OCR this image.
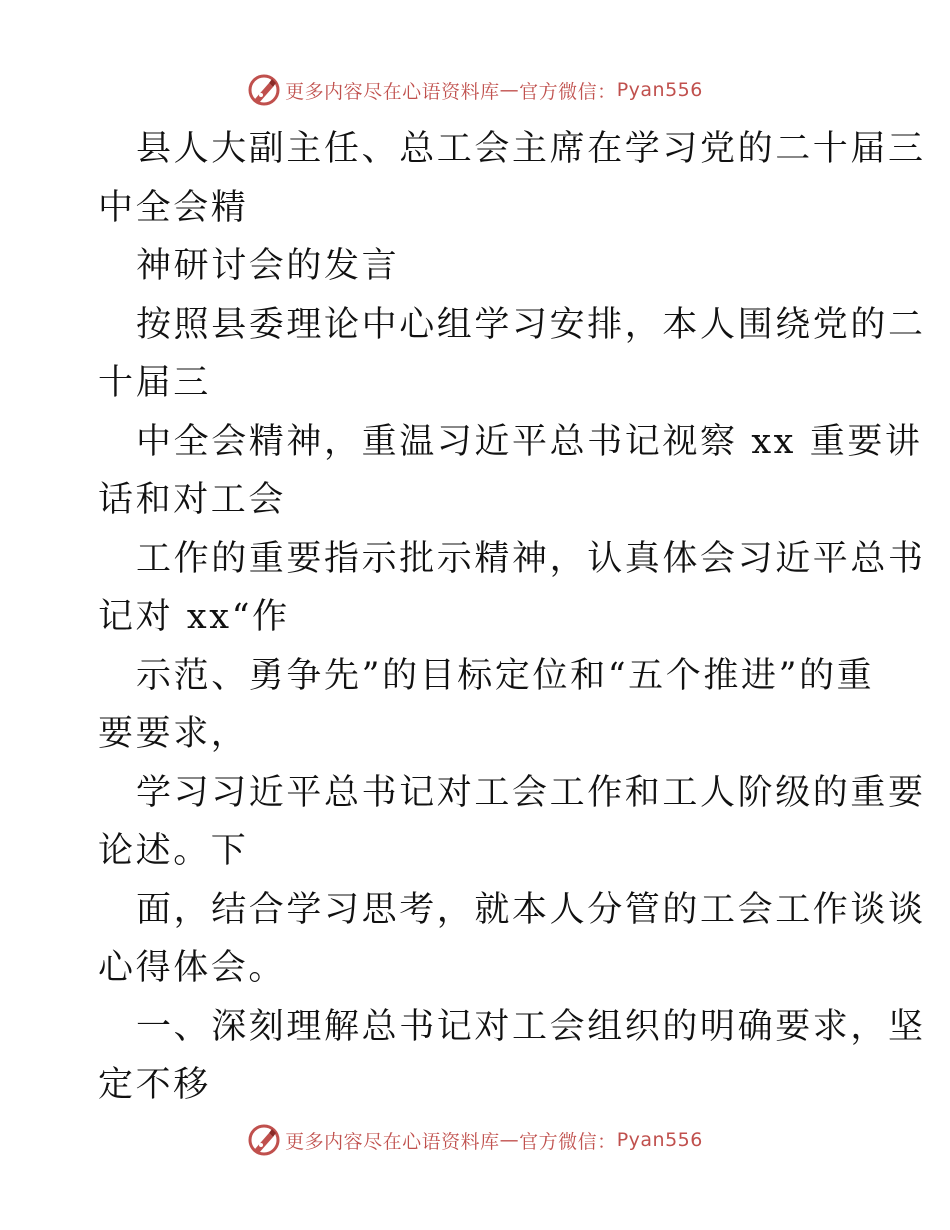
更多内容尽在心语资料库 — 官方微信： Pyan556
县人大副主任、总工会主席在学习党的二十届三
中全会精
神研讨会的发言
按照县委理论中心组学习安排，本人围绕党的二
十届三
中全会精神，重温习近平总书记视察 xx 重要讲
话和对工会
工作的重要指示批示精神，认真体会习近平总书
记对 xx“作
示范、勇争先”的目标定位和“五个推进”的重
要要求，
学习习近平总书记对工会工作和工人阶级的重要
论述。下
面，结合学习思考，就本人分管的工会工作谈谈
心得体会。
一、深刻理解总书记对工会组织的明确要求，坚
定不移
更多内容尽在心语资料库 — 官方微信： Pyan556
